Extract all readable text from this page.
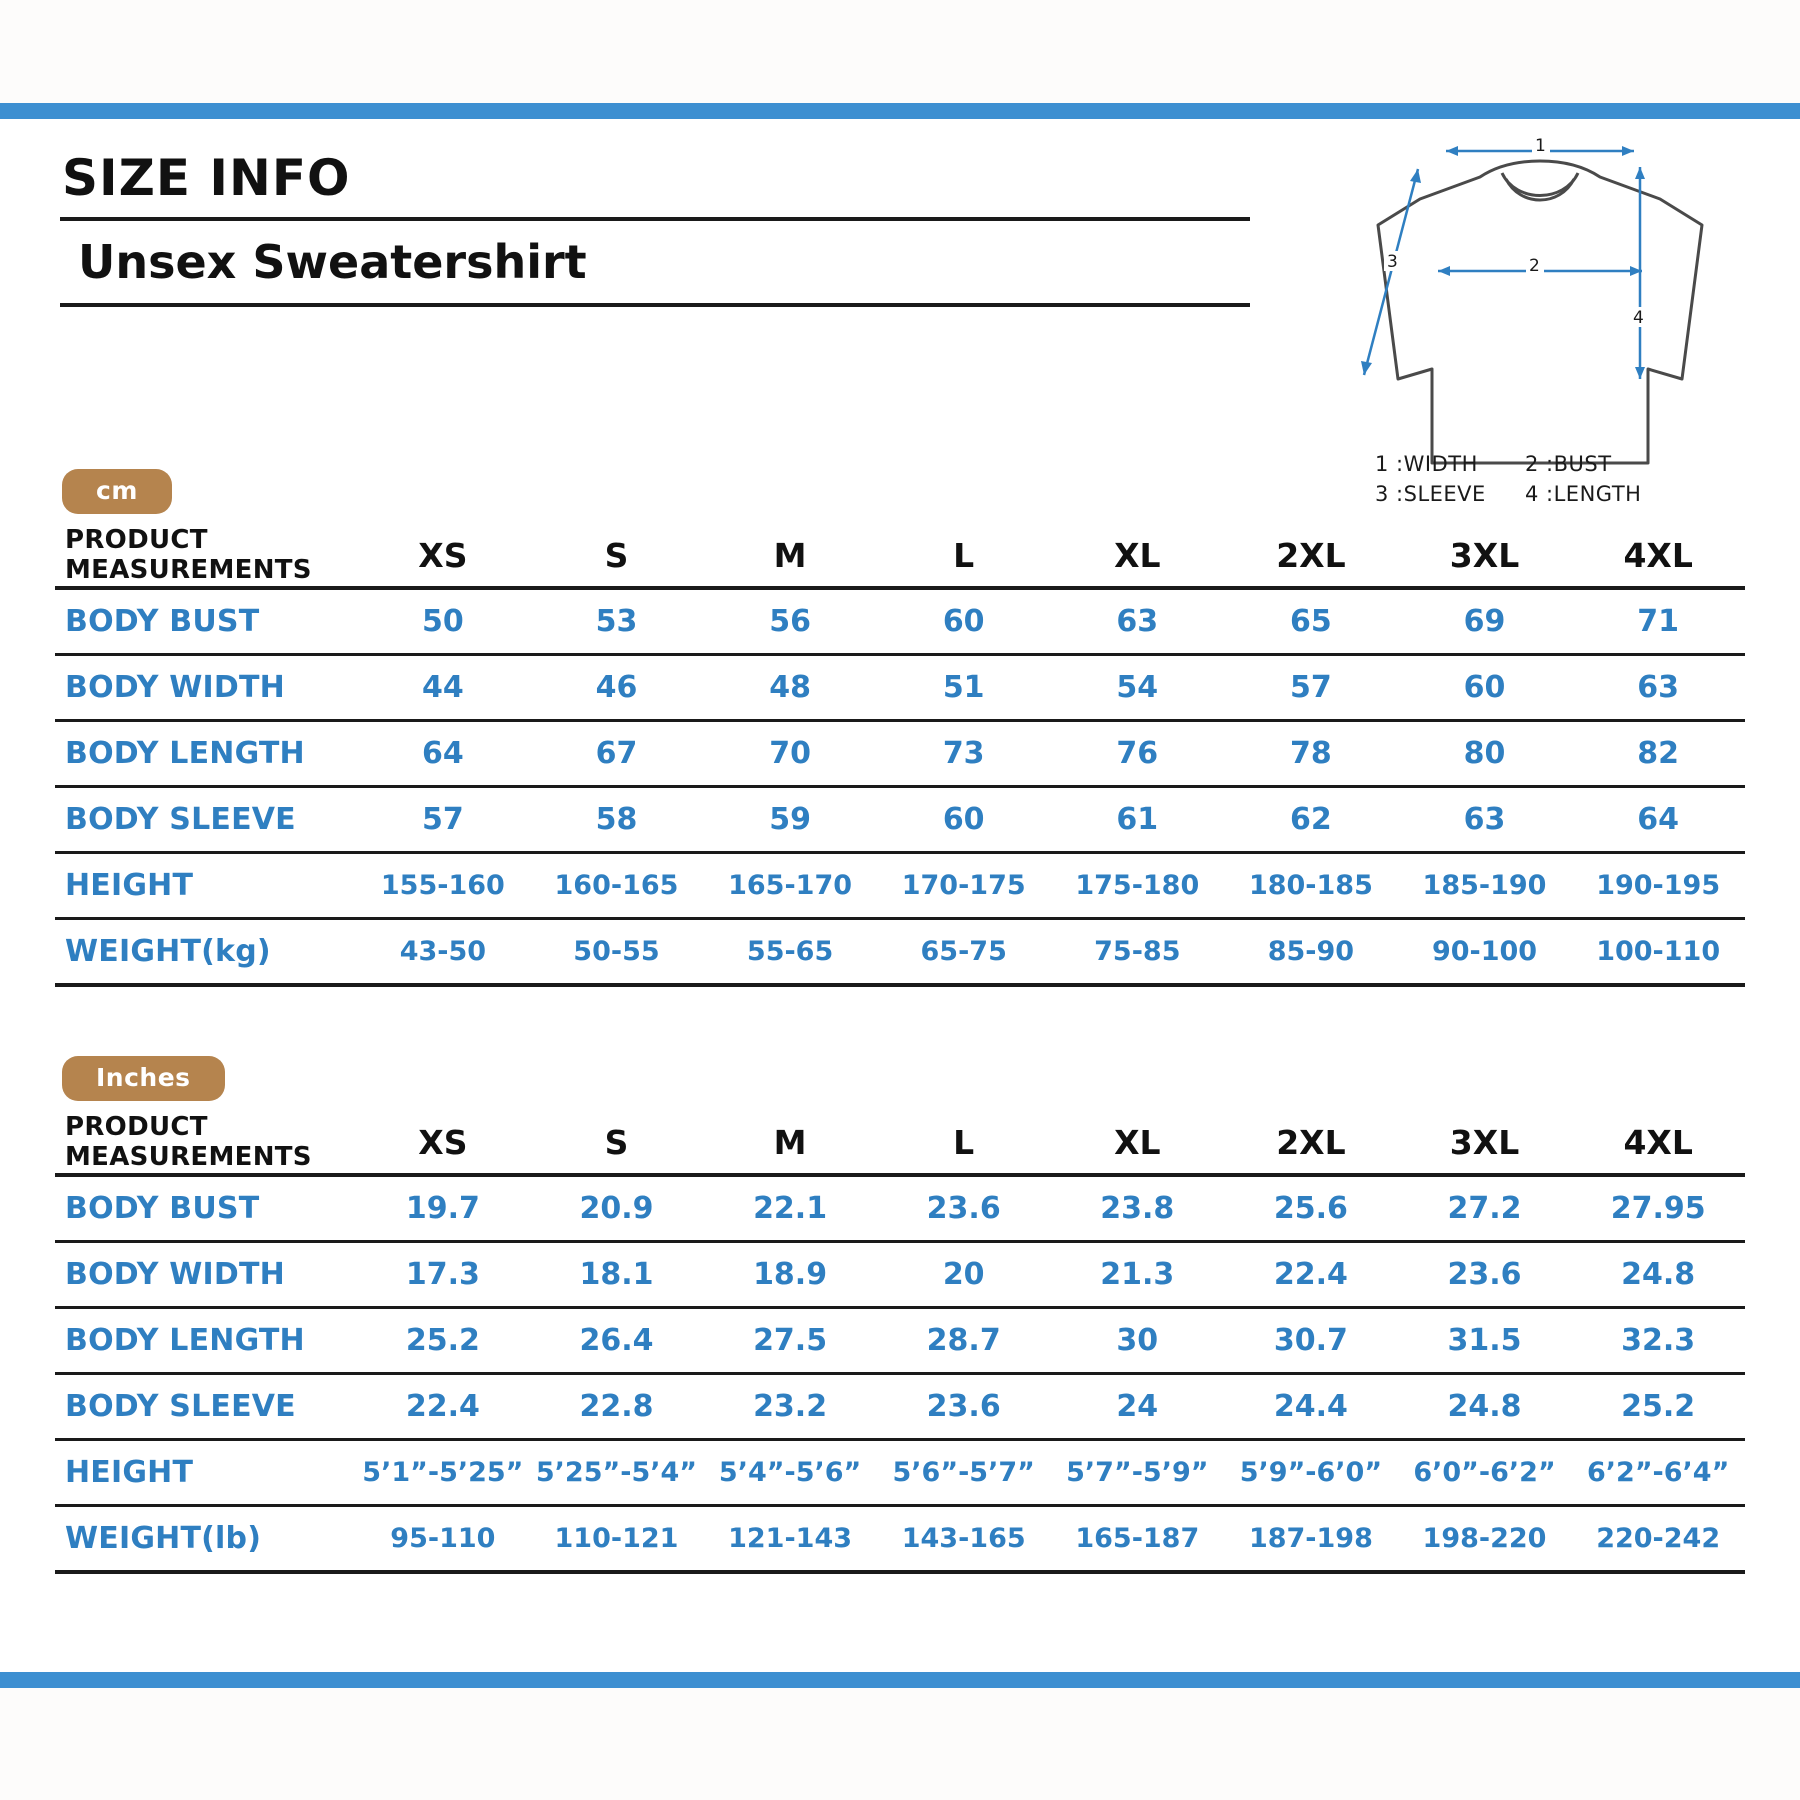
SIZE INFO
Unsex Sweatershirt
1
2
3
4
1 :WIDTH	2 :BUST
3 :SLEEVE	4 :LENGTH
cm
PRODUCT MEASUREMENTS	XS	S	M	L	XL	2XL	3XL	4XL
BODY BUST	50	53	56	60	63	65	69	71
BODY WIDTH	44	46	48	51	54	57	60	63
BODY LENGTH	64	67	70	73	76	78	80	82
BODY SLEEVE	57	58	59	60	61	62	63	64
HEIGHT	155-160	160-165	165-170	170-175	175-180	180-185	185-190	190-195
WEIGHT(kg)	43-50	50-55	55-65	65-75	75-85	85-90	90-100	100-110
Inches
PRODUCT MEASUREMENTS	XS	S	M	L	XL	2XL	3XL	4XL
BODY BUST	19.7	20.9	22.1	23.6	23.8	25.6	27.2	27.95
BODY WIDTH	17.3	18.1	18.9	20	21.3	22.4	23.6	24.8
BODY LENGTH	25.2	26.4	27.5	28.7	30	30.7	31.5	32.3
BODY SLEEVE	22.4	22.8	23.2	23.6	24	24.4	24.8	25.2
HEIGHT	5’1”-5’25”	5’25”-5’4”	5’4”-5’6”	5’6”-5’7”	5’7”-5’9”	5’9”-6’0”	6’0”-6’2”	6’2”-6’4”
WEIGHT(lb)	95-110	110-121	121-143	143-165	165-187	187-198	198-220	220-242
